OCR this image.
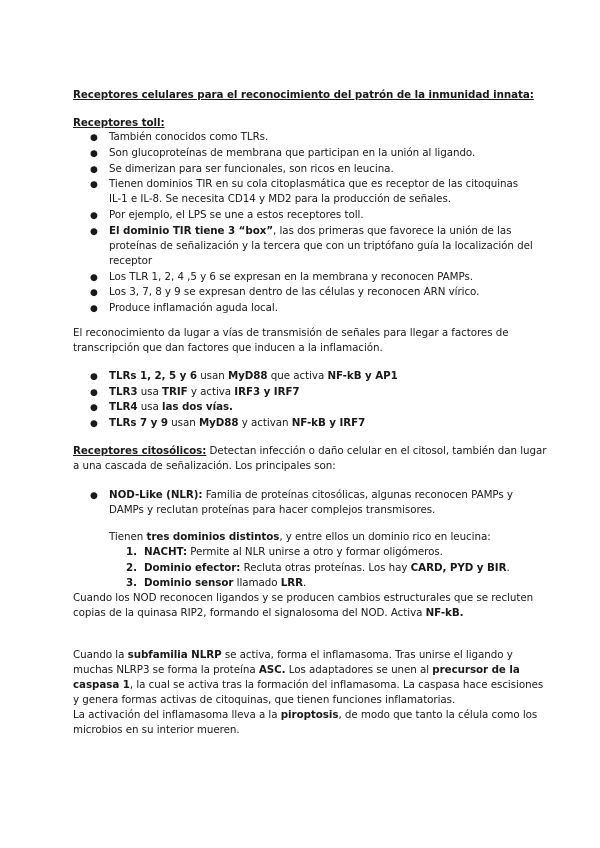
Receptores celulares para el reconocimiento del patrón de la inmunidad innata:
Receptores toll:
● También conocidos como TLRs.
● Son glucoproteínas de membrana que participan en la unión al ligando.
● Se dimerizan para ser funcionales, son ricos en leucina.
● Tienen dominios TIR en su cola citoplasmática que es receptor de las citoquinas
IL-1 e IL-8. Se necesita CD14 y MD2 para la producción de señales.
● Por ejemplo, el LPS se une a estos receptores toll.
● El dominio TIR tiene 3 “box”, las dos primeras que favorece la unión de las
proteínas de señalización y la tercera que con un triptófano guía la localización del
receptor
● Los TLR 1, 2, 4 ,5 y 6 se expresan en la membrana y reconocen PAMPs.
● Los 3, 7, 8 y 9 se expresan dentro de las células y reconocen ARN vírico.
● Produce inflamación aguda local.
El reconocimiento da lugar a vías de transmisión de señales para llegar a factores de
transcripción que dan factores que inducen a la inflamación.
● TLRs 1, 2, 5 y 6 usan MyD88 que activa NF-kB y AP1
● TLR3 usa TRIF y activa IRF3 y IRF7
● TLR4 usa las dos vías.
● TLRs 7 y 9 usan MyD88 y activan NF-kB y IRF7
Receptores citosólicos: Detectan infección o daño celular en el citosol, también dan lugar
a una cascada de señalización. Los principales son:
● NOD-Like (NLR): Familia de proteínas citosólicas, algunas reconocen PAMPs y
DAMPs y reclutan proteínas para hacer complejos transmisores.
Tienen tres dominios distintos, y entre ellos un dominio rico en leucina:
1. NACHT: Permite al NLR unirse a otro y formar oligómeros.
2. Dominio efector: Recluta otras proteínas. Los hay CARD, PYD y BIR.
3. Dominio sensor llamado LRR.
Cuando los NOD reconocen ligandos y se producen cambios estructurales que se recluten
copias de la quinasa RIP2, formando el signalosoma del NOD. Activa NF-kB.
Cuando la subfamilia NLRP se activa, forma el inflamasoma. Tras unirse el ligando y
muchas NLRP3 se forma la proteína ASC. Los adaptadores se unen al precursor de la
caspasa 1, la cual se activa tras la formación del inflamasoma. La caspasa hace escisiones
y genera formas activas de citoquinas, que tienen funciones inflamatorias.
La activación del inflamasoma lleva a la piroptosis, de modo que tanto la célula como los
microbios en su interior mueren.
